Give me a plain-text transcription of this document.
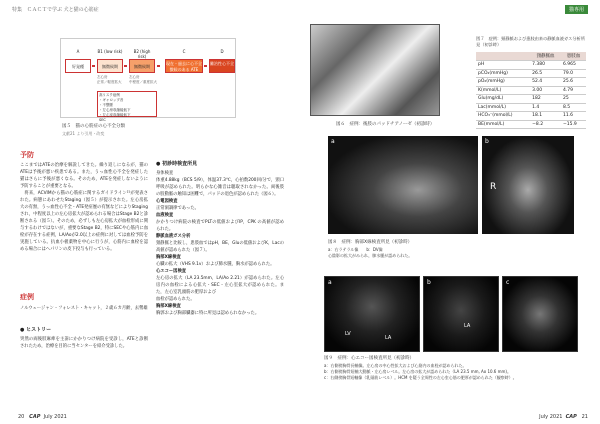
特集　ＣＡＣＴで学ぶ 犬と猫の心筋症
A	B1 (low risk)	B2 (high risk)
C	D
好発種	無徴候期	無徴候期
現在・過去に心不全徴候のある ATE
難治性心不全
左心房
正常／軽度拡大
左心房
中程度／重度拡大
高リスク症例
・ギャロップ音
・不整脈
・左心房収縮能低下
・左心室収縮能低下
SEC
図５　猫の心筋症の心不全分類
文献21 より引用・改変
予防
ここまではATEの治療を解説してきた。繰り返しになるが，猫のATEは予後が悪い疾患である。また，うっ血性心不全を発症した猫はさらに予後が悪くなる。そのため，ATEを発症しないように予防することが重要となる。
　将来，ACVIMから猫の心筋症に関するガイドライン²¹が発表された。病態にあわせたStaging（図５）が提示された。左心房拡大の有無，うっ血性心不全・ATE発症歴の有無などによりStagingされ，中程度以上の左心房拡大が認められる場合はStage B2と診断される（図５）。そのため，必ずしも左心房拡大が血栓形成に関与するわけではないが，重要なStage B2，特にSECや心筋内に血栓が存在する症例，LA/Aoが2.0以上の症例に対しては血栓予防を実施している。抗血小板薬物を中心に行うが，心筋内に血栓を認める場合にはヘパリンの皮下投与も行っている。
症例
ノルウェージャン・フォレスト・キャット，２歳６カ月齢，去勢雄
● ヒストリー
突然の両後肢麻痺を主訴にかかりつけ病院を受診し，ATEと診断されたため，治療を目的に当センターを紹介受診した。
● 初診時検査所見
身体検査
体重4.88kg（BCS 5/9），体温37.3℃，心拍数200回/分で，頸口呼吸が認められた。明らかな心雑音は聴取されなかった。両後肢の股動脈の触知は困難で，パッドの退色が認められた（図６）。
心電図検査
正常洞調律であった。
血液検査
かかりつけ病院の検査でPLTの低値およびIP，CPK の高値が認められた。
静脈血液ガス分析
頸静脈と比較し，患肢血ではpH，BE，Gluの低値およびK，Lacの高値が認められた（図７）。
胸部X線検査
心臓の拡大（VHS 9.1v）および肺水腫，胸水が認められた。
心エコー図検査
左心房の拡大（LA 23.5mm，LA/Ao 2.21）が認められた。左心房内の血栓による心拡大・SEC・左心室拡大が認められた。また，左心室乳頭筋の肥厚および
血栓が認められた。
胸部X線検査
胸郭および胸部臓器に特に所見は認められなかった。
20 CAP July 2021
猫専用
図６　症例：後肢のパッドチアノーゼ（初診時）
図７　症例：頸静脈および患肢由来の静脈血液ガス分析所見（初診時）
	頸静脈血	患肢血
pH	7.380	6.965
pCO₂(mmHg)	26.5	79.0
pO₂(mmHg)	52.4	25.6
K(mmol/L)	3.00	4.79
Glu(mg/dL)	182	25
Lac(mmol/L)	1.4	8.5
HCO₃⁻(mmol/L)	18.1	11.6
BE(mmol/L)	−8.2	−15.9
a	b
R
図８　症例：胸部X線検査所見（初診時）
a：右ラテラル像　　b：DV像
心陰影の拡大がみられ，肺水腫が認められた。
a
LV
LA
b
LA
c
図９　症例：心エコー図検査所見（初診時）
a：右側傍胸骨長軸像。左心房の中心性拡大および心筋内の血栓が認められた。
b：右側傍胸骨短軸大動脈・左心房レベル。左心房の拡大が認められた（LA 23.5 mm, Ao 10.6 mm)。
c：右側傍胸骨短軸像（乳頭筋レベル）。HCM を疑う全周性の左心室心筋の肥厚が認められた（観察時）。
July 2021 CAP 21
